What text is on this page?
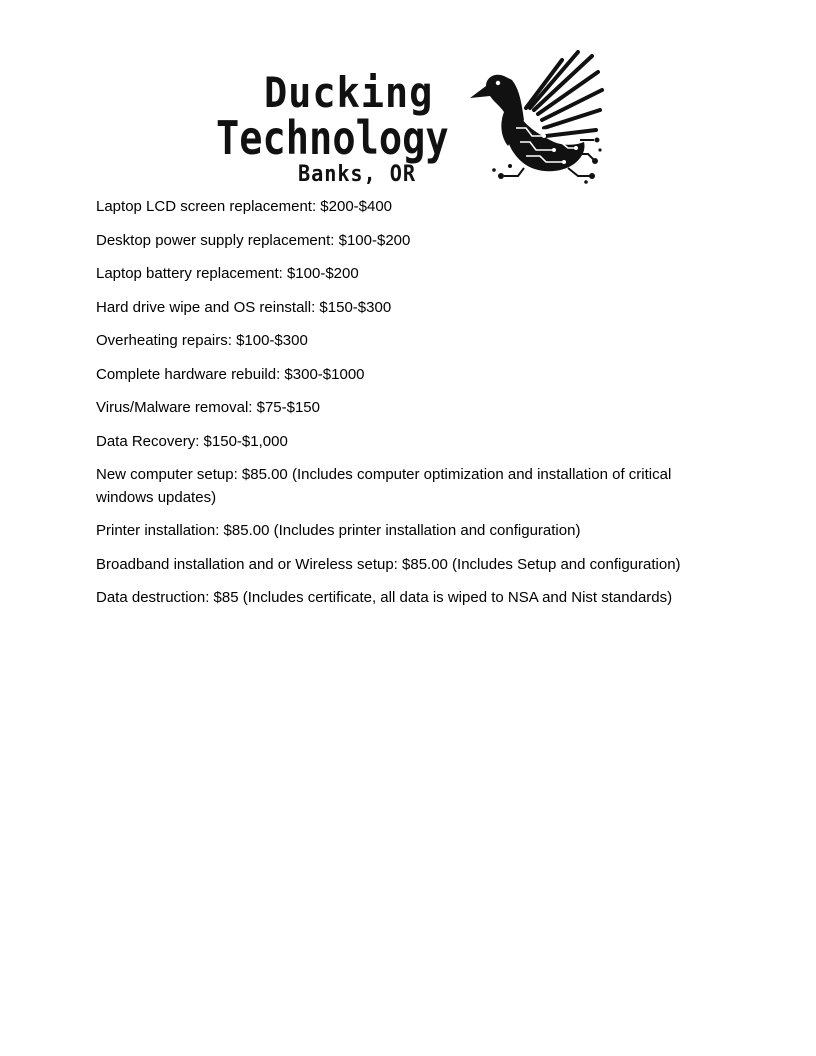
Ducking
Technology
Banks, OR
Laptop LCD screen replacement: $200-$400
Desktop power supply replacement: $100-$200
Laptop battery replacement: $100-$200
Hard drive wipe and OS reinstall: $150-$300
Overheating repairs: $100-$300
Complete hardware rebuild: $300-$1000
Virus/Malware removal: $75-$150
Data Recovery: $150-$1,000
New computer setup: $85.00 (Includes computer optimization and installation of critical windows updates)
Printer installation: $85.00 (Includes printer installation and configuration)
Broadband installation and or Wireless setup: $85.00 (Includes Setup and configuration)
Data destruction: $85 (Includes certificate, all data is wiped to NSA and Nist standards)
